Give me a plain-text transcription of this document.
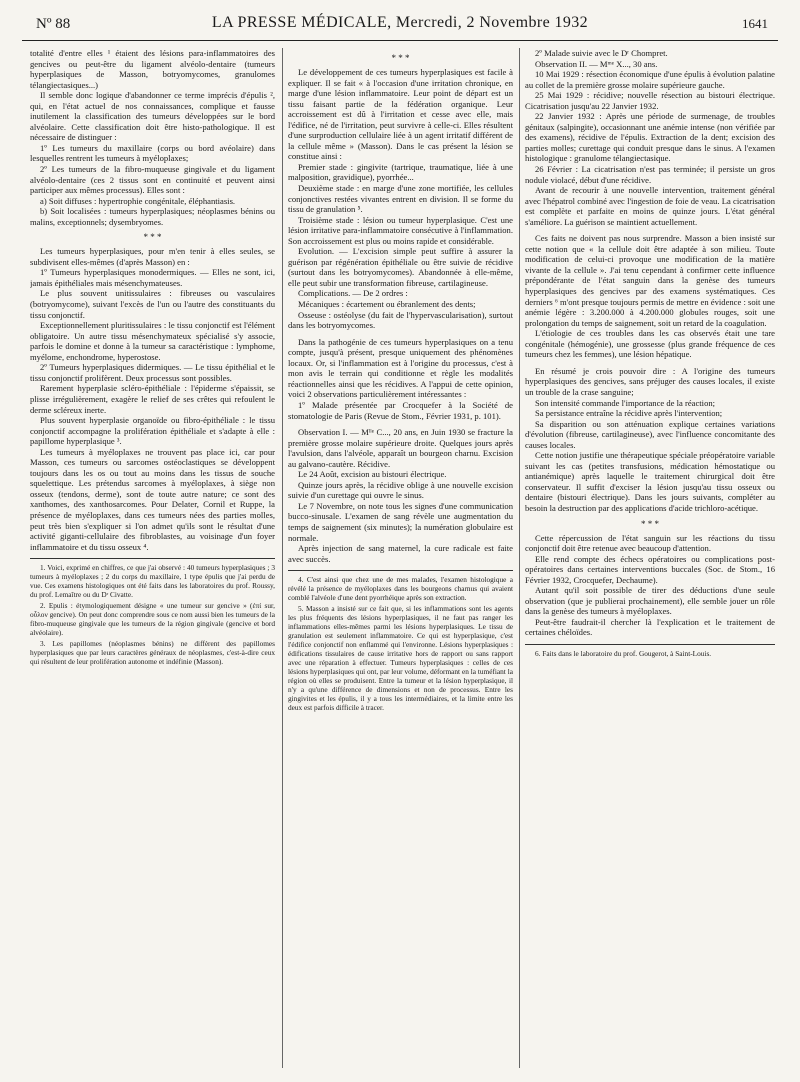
Nº 88	LA PRESSE MÉDICALE, Mercredi, 2 Novembre 1932	1641

totalité d'entre elles ¹ étaient des lésions para-inflammatoires des gencives ou peut-être du ligament alvéolo-dentaire (tumeurs hyperplasiques de Masson, botryomycomes, granulomes télangiectasiques...)

Il semble donc logique d'abandonner ce terme imprécis d'épulis ², qui, en l'état actuel de nos connaissances, complique et fausse inutilement la classification des tumeurs développées sur le bord alvéolaire. Cette classification doit être histo-pathologique. Il est nécessaire de distinguer :

1º Les tumeurs du maxillaire (corps ou bord avéolaire) dans lesquelles rentrent les tumeurs à myéloplaxes;

2º Les tumeurs de la fibro-muqueuse gingivale et du ligament alvéolo-dentaire (ces 2 tissus sont en continuité et peuvent ainsi participer aux mêmes processus). Elles sont :

a) Soit diffuses : hypertrophie congénitale, éléphantiasis.

b) Soit localisées : tumeurs hyperplasiques; néoplasmes bénins ou malins, exceptionnels; dysembryomes.

* * *

Les tumeurs hyperplasiques, pour m'en tenir à elles seules, se subdivisent elles-mêmes (d'après Masson) en :

1º Tumeurs hyperplasiques monodermiques. — Elles ne sont, ici, jamais épithéliales mais mésenchymateuses.

Le plus souvent unitissulaires : fibreuses ou vasculaires (botryomycome), suivant l'excès de l'un ou l'autre des constituants du tissu conjonctif.

Exceptionnellement pluritissulaires : le tissu conjonctif est l'élément obligatoire. Un autre tissu mésenchymateux spécialisé s'y associe, parfois le domine et donne à la tumeur sa caractéristique : lymphome, myélome, enchondrome, hyperostose.

2º Tumeurs hyperplasiques didermiques. — Le tissu épithélial et le tissu conjonctif prolifèrent. Deux processus sont possibles.

Rarement hyperplasie scléro-épithéliale : l'épiderme s'épaissit, se plisse irrégulièrement, exagère le relief de ses crêtes qui refoulent le derme scléreux inerte.

Plus souvent hyperplasie organoïde ou fibro-épithéliale : le tissu conjonctif accompagne la prolifération épithéliale et s'adapte à elle : papillome hyperplasique ³.

Les tumeurs à myéloplaxes ne trouvent pas place ici, car pour Masson, ces tumeurs ou sarcomes ostéoclastiques se développent toujours dans les os ou tout au moins dans les tissus de souche squelettique. Les prétendus sarcomes à myéloplaxes, à siège non osseux (tendons, derme), sont de toute autre nature; ce sont des xanthomes, des xanthosarcomes. Pour Delater, Cornil et Ruppe, la présence de myéloplaxes, dans ces tumeurs nées des parties molles, peut très bien s'expliquer si l'on admet qu'ils sont le résultat d'une activité giganti-cellulaire des fibroblastes, au voisinage d'un foyer inflammatoire et du tissu osseux ⁴.

1. Voici, exprimé en chiffres, ce que j'ai observé : 40 tumeurs hyperplasiques ; 3 tumeurs à myéloplaxes ; 2 du corps du maxillaire, 1 type épulis que j'ai perdu de vue. Ces examens histologiques ont été faits dans les laboratoires du prof. Roussy, du prof. Lemaître ou du Dʳ Civatte.

2. Epulis : étymologiquement désigne « une tumeur sur gencive » (ἐπί sur, οὖλον gencive). On peut donc comprendre sous ce nom aussi bien les tumeurs de la fibro-muqueuse gingivale que les tumeurs de la région gingivale (gencive et bord alvéolaire).

3. Les papillomes (néoplasmes bénins) ne diffèrent des papillomes hyperplasiques que par leurs caractères généraux de néoplasmes, c'est-à-dire ceux qui résultent de leur prolifération autonome et indéfinie (Masson).

* * *

Le développement de ces tumeurs hyperplasiques est facile à expliquer. Il se fait « à l'occasion d'une irritation chronique, en marge d'une lésion inflammatoire. Leur point de départ est un tissu faisant partie de la fédération organique. Leur accroissement est dû à l'irritation et cesse avec elle, mais l'édifice, né de l'irritation, peut survivre à celle-ci. Elles résultent d'une surproduction cellulaire liée à un agent irritatif différent de la cellule même » (Masson). Dans le cas présent la lésion se constitue ainsi :

Premier stade : gingivite (tartrique, traumatique, liée à une malposition, gravidique), pyorrhée...

Deuxième stade : en marge d'une zone mortifiée, les cellules conjonctives restées vivantes entrent en division. Il se forme du tissu de granulation ⁵.

Troisième stade : lésion ou tumeur hyperplasique. C'est une lésion irritative para-inflammatoire consécutive à l'inflammation. Son accroissement est plus ou moins rapide et considérable.

Evolution. — L'excision simple peut suffire à assurer la guérison par régénération épithéliale ou être suivie de récidive (surtout dans les botryomycomes). Abandonnée à elle-même, elle peut subir une transformation fibreuse, cartilagineuse.

Complications. — De 2 ordres :

Mécaniques : écartement ou ébranlement des dents;

Osseuse : ostéolyse (du fait de l'hypervascularisation), surtout dans les botryomycomes.

Dans la pathogénie de ces tumeurs hyperplasiques on a tenu compte, jusqu'à présent, presque uniquement des phénomènes locaux. Or, si l'inflammation est à l'origine du processus, c'est à mon avis le terrain qui conditionne et règle les modalités réactionnelles ainsi que les récidives. A l'appui de cette opinion, voici 2 observations particulièrement intéressantes :

1º Malade présentée par Crocquefer à la Société de stomatologie de Paris (Revue de Stom., Février 1931, p. 101).

Observation I. — Mˡˡᵉ C..., 20 ans, en Juin 1930 se fracture la première grosse molaire supérieure droite. Quelques jours après l'avulsion, dans l'alvéole, apparaît un bourgeon charnu. Excision au galvano-cautère. Récidive.

Le 24 Août, excision au bistouri électrique.

Quinze jours après, la récidive oblige à une nouvelle excision suivie d'un curettage qui ouvre le sinus.

Le 7 Novembre, on note tous les signes d'une communication bucco-sinusale. L'examen de sang révèle une augmentation du temps de saignement (six minutes); la numération globulaire est normale.

Après injection de sang maternel, la cure radicale est faite avec succès.

4. C'est ainsi que chez une de mes malades, l'examen histologique a révélé la présence de myéloplaxes dans les bourgeons charnus qui avaient comblé l'alvéole d'une dent pyorrhéique après son extraction.

5. Masson a insisté sur ce fait que, si les inflammations sont les agents les plus fréquents des lésions hyperplasiques, il ne faut pas ranger les inflammations elles-mêmes parmi les lésions hyperplasiques. Le tissu de granulation est seulement inflammatoire. Ce qui est hyperplasique, c'est l'édifice conjonctif non enflammé qui l'environne. Lésions hyperplasiques : édifications tissulaires de cause irritative hors de rapport ou sans rapport avec une réparation à effectuer. Tumeurs hyperplasiques : celles de ces lésions hyperplasiques qui ont, par leur volume, déformant en la tuméfiant la région où elles se produisent. Entre la tumeur et la lésion hyperplasique, il n'y a qu'une différence de dimensions et non de processus. Entre les gingivites et les épulis, il y a tous les intermédiaires, et la limite entre les deux est parfois difficile à tracer.

2º Malade suivie avec le Dʳ Chompret.

Observation II. — Mᵐᵉ X..., 30 ans.

10 Mai 1929 : résection économique d'une épulis à évolution palatine au collet de la première grosse molaire supérieure gauche.

25 Mai 1929 : récidive; nouvelle résection au bistouri électrique. Cicatrisation jusqu'au 22 Janvier 1932.

22 Janvier 1932 : Après une période de surmenage, de troubles génitaux (salpingite), occasionnant une anémie intense (non vérifiée par des examens), récidive de l'épulis. Extraction de la dent; excision des parties molles; curettage qui conduit presque dans le sinus. A l'examen histologique : granulome télangiectasique.

26 Février : La cicatrisation n'est pas terminée; il persiste un gros nodule violacé, début d'une récidive.

Avant de recourir à une nouvelle intervention, traitement général avec l'hépatrol combiné avec l'ingestion de foie de veau. La cicatrisation est complète et parfaite en moins de quinze jours. L'état général s'améliore. La guérison se maintient actuellement.

Ces faits ne doivent pas nous surprendre. Masson a bien insisté sur cette notion que « la cellule doit être adaptée à son milieu. Toute modification de celui-ci provoque une modification de la matière vivante de la cellule ». J'ai tenu cependant à confirmer cette influence prépondérante de l'état sanguin dans la genèse des tumeurs hyperplasiques des gencives par des examens systématiques. Ces derniers ⁶ m'ont presque toujours permis de mettre en évidence : soit une anémie légère : 3.200.000 à 4.200.000 globules rouges, soit une prolongation du temps de saignement, soit un retard de la coagulation.

L'étiologie de ces troubles dans les cas observés était une tare congénitale (hémogénie), une grossesse (plus grande fréquence de ces tumeurs chez les femmes), une lésion hépatique.

En résumé je crois pouvoir dire : A l'origine des tumeurs hyperplasiques des gencives, sans préjuger des causes locales, il existe un trouble de la crase sanguine;

Son intensité commande l'importance de la réaction;

Sa persistance entraîne la récidive après l'intervention;

Sa disparition ou son atténuation explique certaines variations d'évolution (fibreuse, cartilagineuse), avec l'influence concomitante des causes locales.

Cette notion justifie une thérapeutique spéciale préopératoire variable suivant les cas (petites transfusions, médication hémostatique ou antianémique) après laquelle le traitement chirurgical doit être conservateur. Il suffit d'exciser la lésion jusqu'au tissu osseux ou dentaire (bistouri électrique). Dans les jours suivants, compléter au besoin la destruction par des applications d'acide trichloro-acétique.

* * *

Cette répercussion de l'état sanguin sur les réactions du tissu conjonctif doit être retenue avec beaucoup d'attention.

Elle rend compte des échecs opératoires ou complications post-opératoires dans certaines interventions buccales (Soc. de Stom., 16 Février 1932, Crocquefer, Dechaume).

Autant qu'il soit possible de tirer des déductions d'une seule observation (que je publierai prochainement), elle semble jouer un rôle dans la genèse des tumeurs à myéloplaxes.

Peut-être faudrait-il chercher là l'explication et le traitement de certaines chéloïdes.

6. Faits dans le laboratoire du prof. Gougerot, à Saint-Louis.
